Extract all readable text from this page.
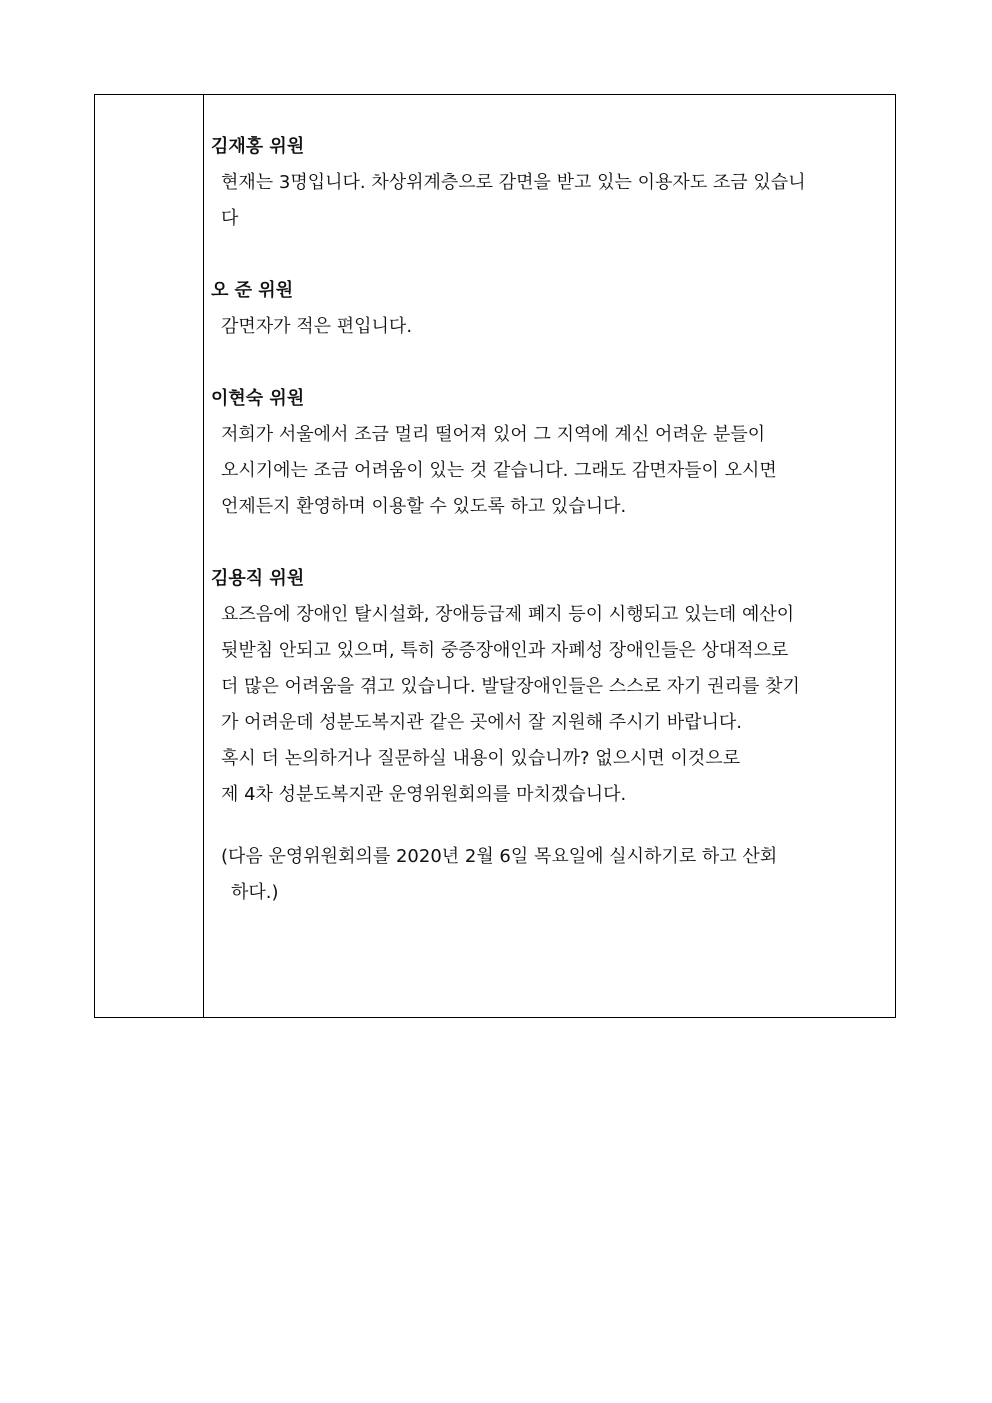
김재홍 위원

현재는 3명입니다. 차상위계층으로 감면을 받고 있는 이용자도 조금 있습니

다

오 준 위원

감면자가 적은 편입니다.

이현숙 위원

저희가 서울에서 조금 멀리 떨어져 있어 그 지역에 계신 어려운 분들이

오시기에는 조금 어려움이 있는 것 같습니다. 그래도 감면자들이 오시면

언제든지 환영하며 이용할 수 있도록 하고 있습니다.

김용직 위원

요즈음에 장애인 탈시설화, 장애등급제 폐지 등이 시행되고 있는데 예산이

뒷받침 안되고 있으며, 특히 중증장애인과 자폐성 장애인들은 상대적으로

더 많은 어려움을 겪고 있습니다. 발달장애인들은 스스로 자기 권리를 찾기

가 어려운데 성분도복지관 같은 곳에서 잘 지원해 주시기 바랍니다.

혹시 더 논의하거나 질문하실 내용이 있습니까? 없으시면 이것으로

제 4차 성분도복지관 운영위원회의를 마치겠습니다.

(다음 운영위원회의를 2020년 2월 6일 목요일에 실시하기로 하고 산회

하다.)
